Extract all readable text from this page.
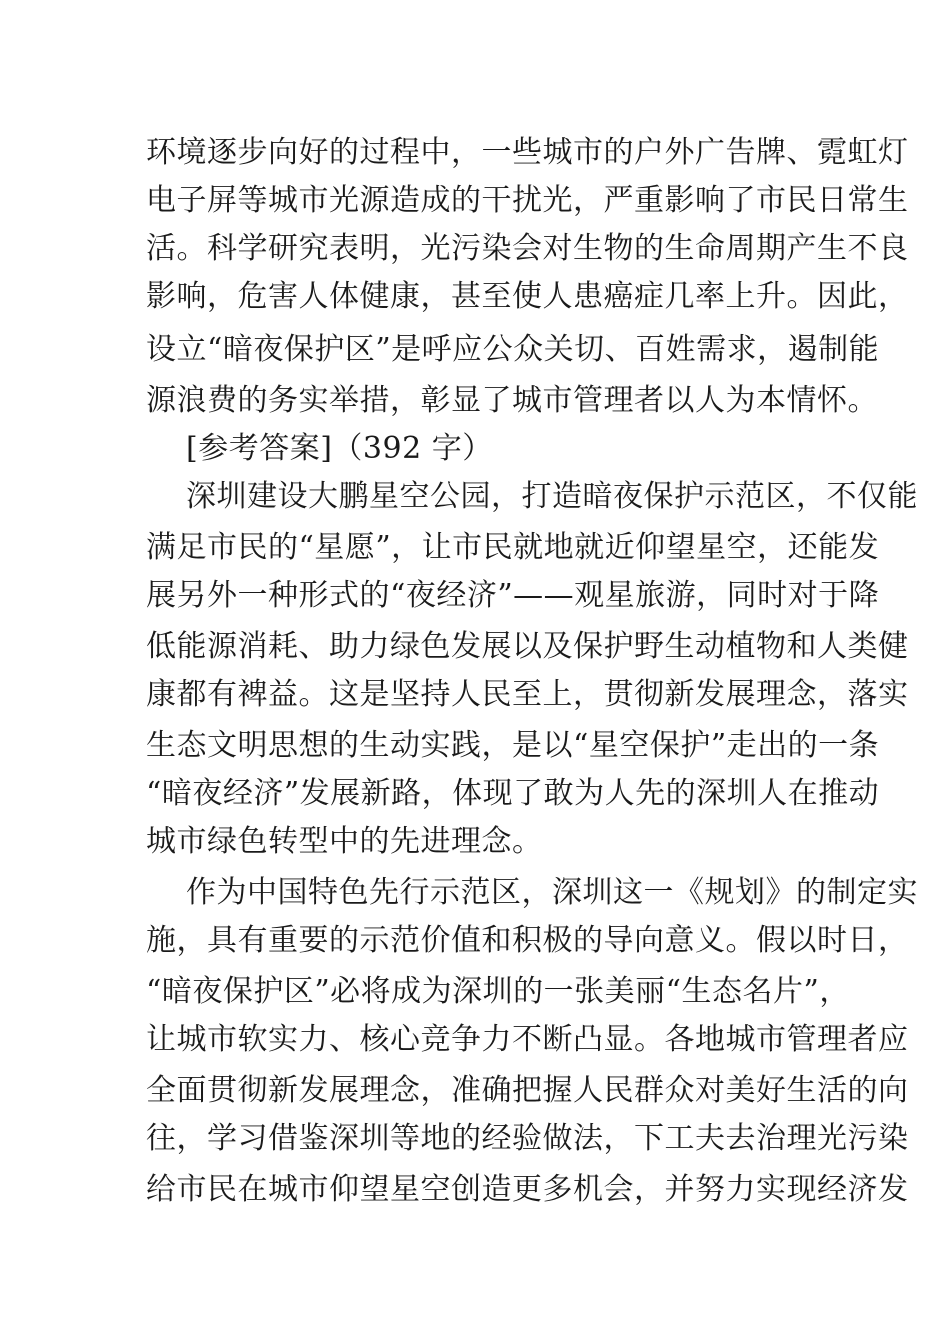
环境逐步向好的过程中，一些城市的户外广告牌、霓虹灯
电子屏等城市光源造成的干扰光，严重影响了市民日常生
活。科学研究表明，光污染会对生物的生命周期产生不良
影响，危害人体健康，甚至使人患癌症几率上升。因此，
设立“暗夜保护区”是呼应公众关切、百姓需求，遏制能
源浪费的务实举措，彰显了城市管理者以人为本情怀。
[参考答案]（392 字）
深圳建设大鹏星空公园，打造暗夜保护示范区，不仅能
满足市民的“星愿”，让市民就地就近仰望星空，还能发
展另外一种形式的“夜经济”——观星旅游，同时对于降
低能源消耗、助力绿色发展以及保护野生动植物和人类健
康都有裨益。这是坚持人民至上，贯彻新发展理念，落实
生态文明思想的生动实践，是以“星空保护”走出的一条
“暗夜经济”发展新路，体现了敢为人先的深圳人在推动
城市绿色转型中的先进理念。
作为中国特色先行示范区，深圳这一《规划》的制定实
施，具有重要的示范价值和积极的导向意义。假以时日，
“暗夜保护区”必将成为深圳的一张美丽“生态名片”，
让城市软实力、核心竞争力不断凸显。各地城市管理者应
全面贯彻新发展理念，准确把握人民群众对美好生活的向
往，学习借鉴深圳等地的经验做法，下工夫去治理光污染
给市民在城市仰望星空创造更多机会，并努力实现经济发
